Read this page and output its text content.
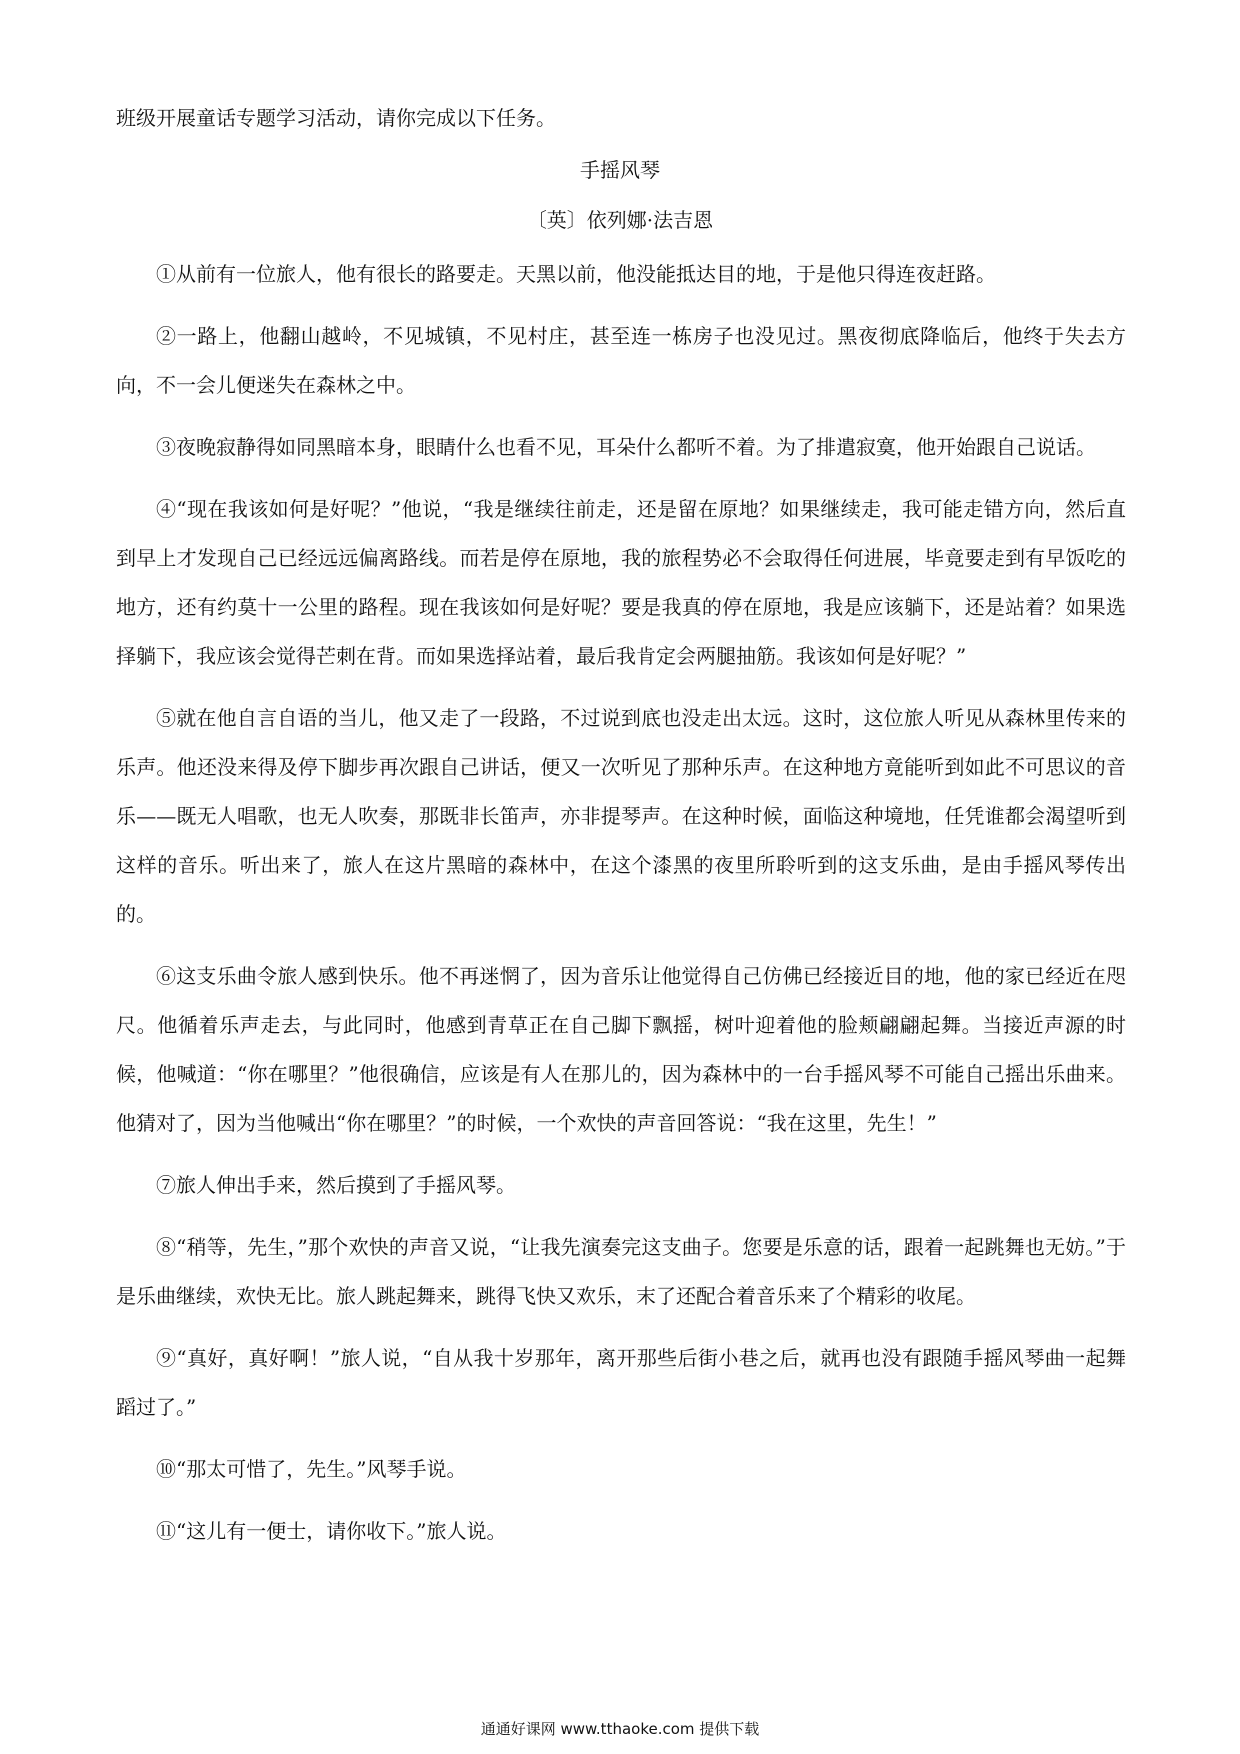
班级开展童话专题学习活动，请你完成以下任务。

手摇风琴

〔英〕依列娜·法吉恩

①从前有一位旅人，他有很长的路要走。天黑以前，他没能抵达目的地，于是他只得连夜赶路。

②一路上，他翻山越岭，不见城镇，不见村庄，甚至连一栋房子也没见过。黑夜彻底降临后，他终于失去方向，不一会儿便迷失在森林之中。

③夜晚寂静得如同黑暗本身，眼睛什么也看不见，耳朵什么都听不着。为了排遣寂寞，他开始跟自己说话。

④“现在我该如何是好呢？”他说，“我是继续往前走，还是留在原地？如果继续走，我可能走错方向，然后直到早上才发现自己已经远远偏离路线。而若是停在原地，我的旅程势必不会取得任何进展，毕竟要走到有早饭吃的地方，还有约莫十一公里的路程。现在我该如何是好呢？要是我真的停在原地，我是应该躺下，还是站着？如果选择躺下，我应该会觉得芒刺在背。而如果选择站着，最后我肯定会两腿抽筋。我该如何是好呢？”

⑤就在他自言自语的当儿，他又走了一段路，不过说到底也没走出太远。这时，这位旅人听见从森林里传来的乐声。他还没来得及停下脚步再次跟自己讲话，便又一次听见了那种乐声。在这种地方竟能听到如此不可思议的音乐——既无人唱歌，也无人吹奏，那既非长笛声，亦非提琴声。在这种时候，面临这种境地，任凭谁都会渴望听到这样的音乐。听出来了，旅人在这片黑暗的森林中，在这个漆黑的夜里所聆听到的这支乐曲，是由手摇风琴传出的。

⑥这支乐曲令旅人感到快乐。他不再迷惘了，因为音乐让他觉得自己仿佛已经接近目的地，他的家已经近在咫尺。他循着乐声走去，与此同时，他感到青草正在自己脚下飘摇，树叶迎着他的脸颊翩翩起舞。当接近声源的时候，他喊道：“你在哪里？”他很确信，应该是有人在那儿的，因为森林中的一台手摇风琴不可能自己摇出乐曲来。他猜对了，因为当他喊出“你在哪里？”的时候，一个欢快的声音回答说：“我在这里，先生！”

⑦旅人伸出手来，然后摸到了手摇风琴。

⑧“稍等，先生，”那个欢快的声音又说，“让我先演奏完这支曲子。您要是乐意的话，跟着一起跳舞也无妨。”于是乐曲继续，欢快无比。旅人跳起舞来，跳得飞快又欢乐，末了还配合着音乐来了个精彩的收尾。

⑨“真好，真好啊！”旅人说，“自从我十岁那年，离开那些后街小巷之后，就再也没有跟随手摇风琴曲一起舞蹈过了。”

⑩“那太可惜了，先生。”风琴手说。

⑪“这儿有一便士，请你收下。”旅人说。

通通好课网 www.tthaoke.com 提供下载
